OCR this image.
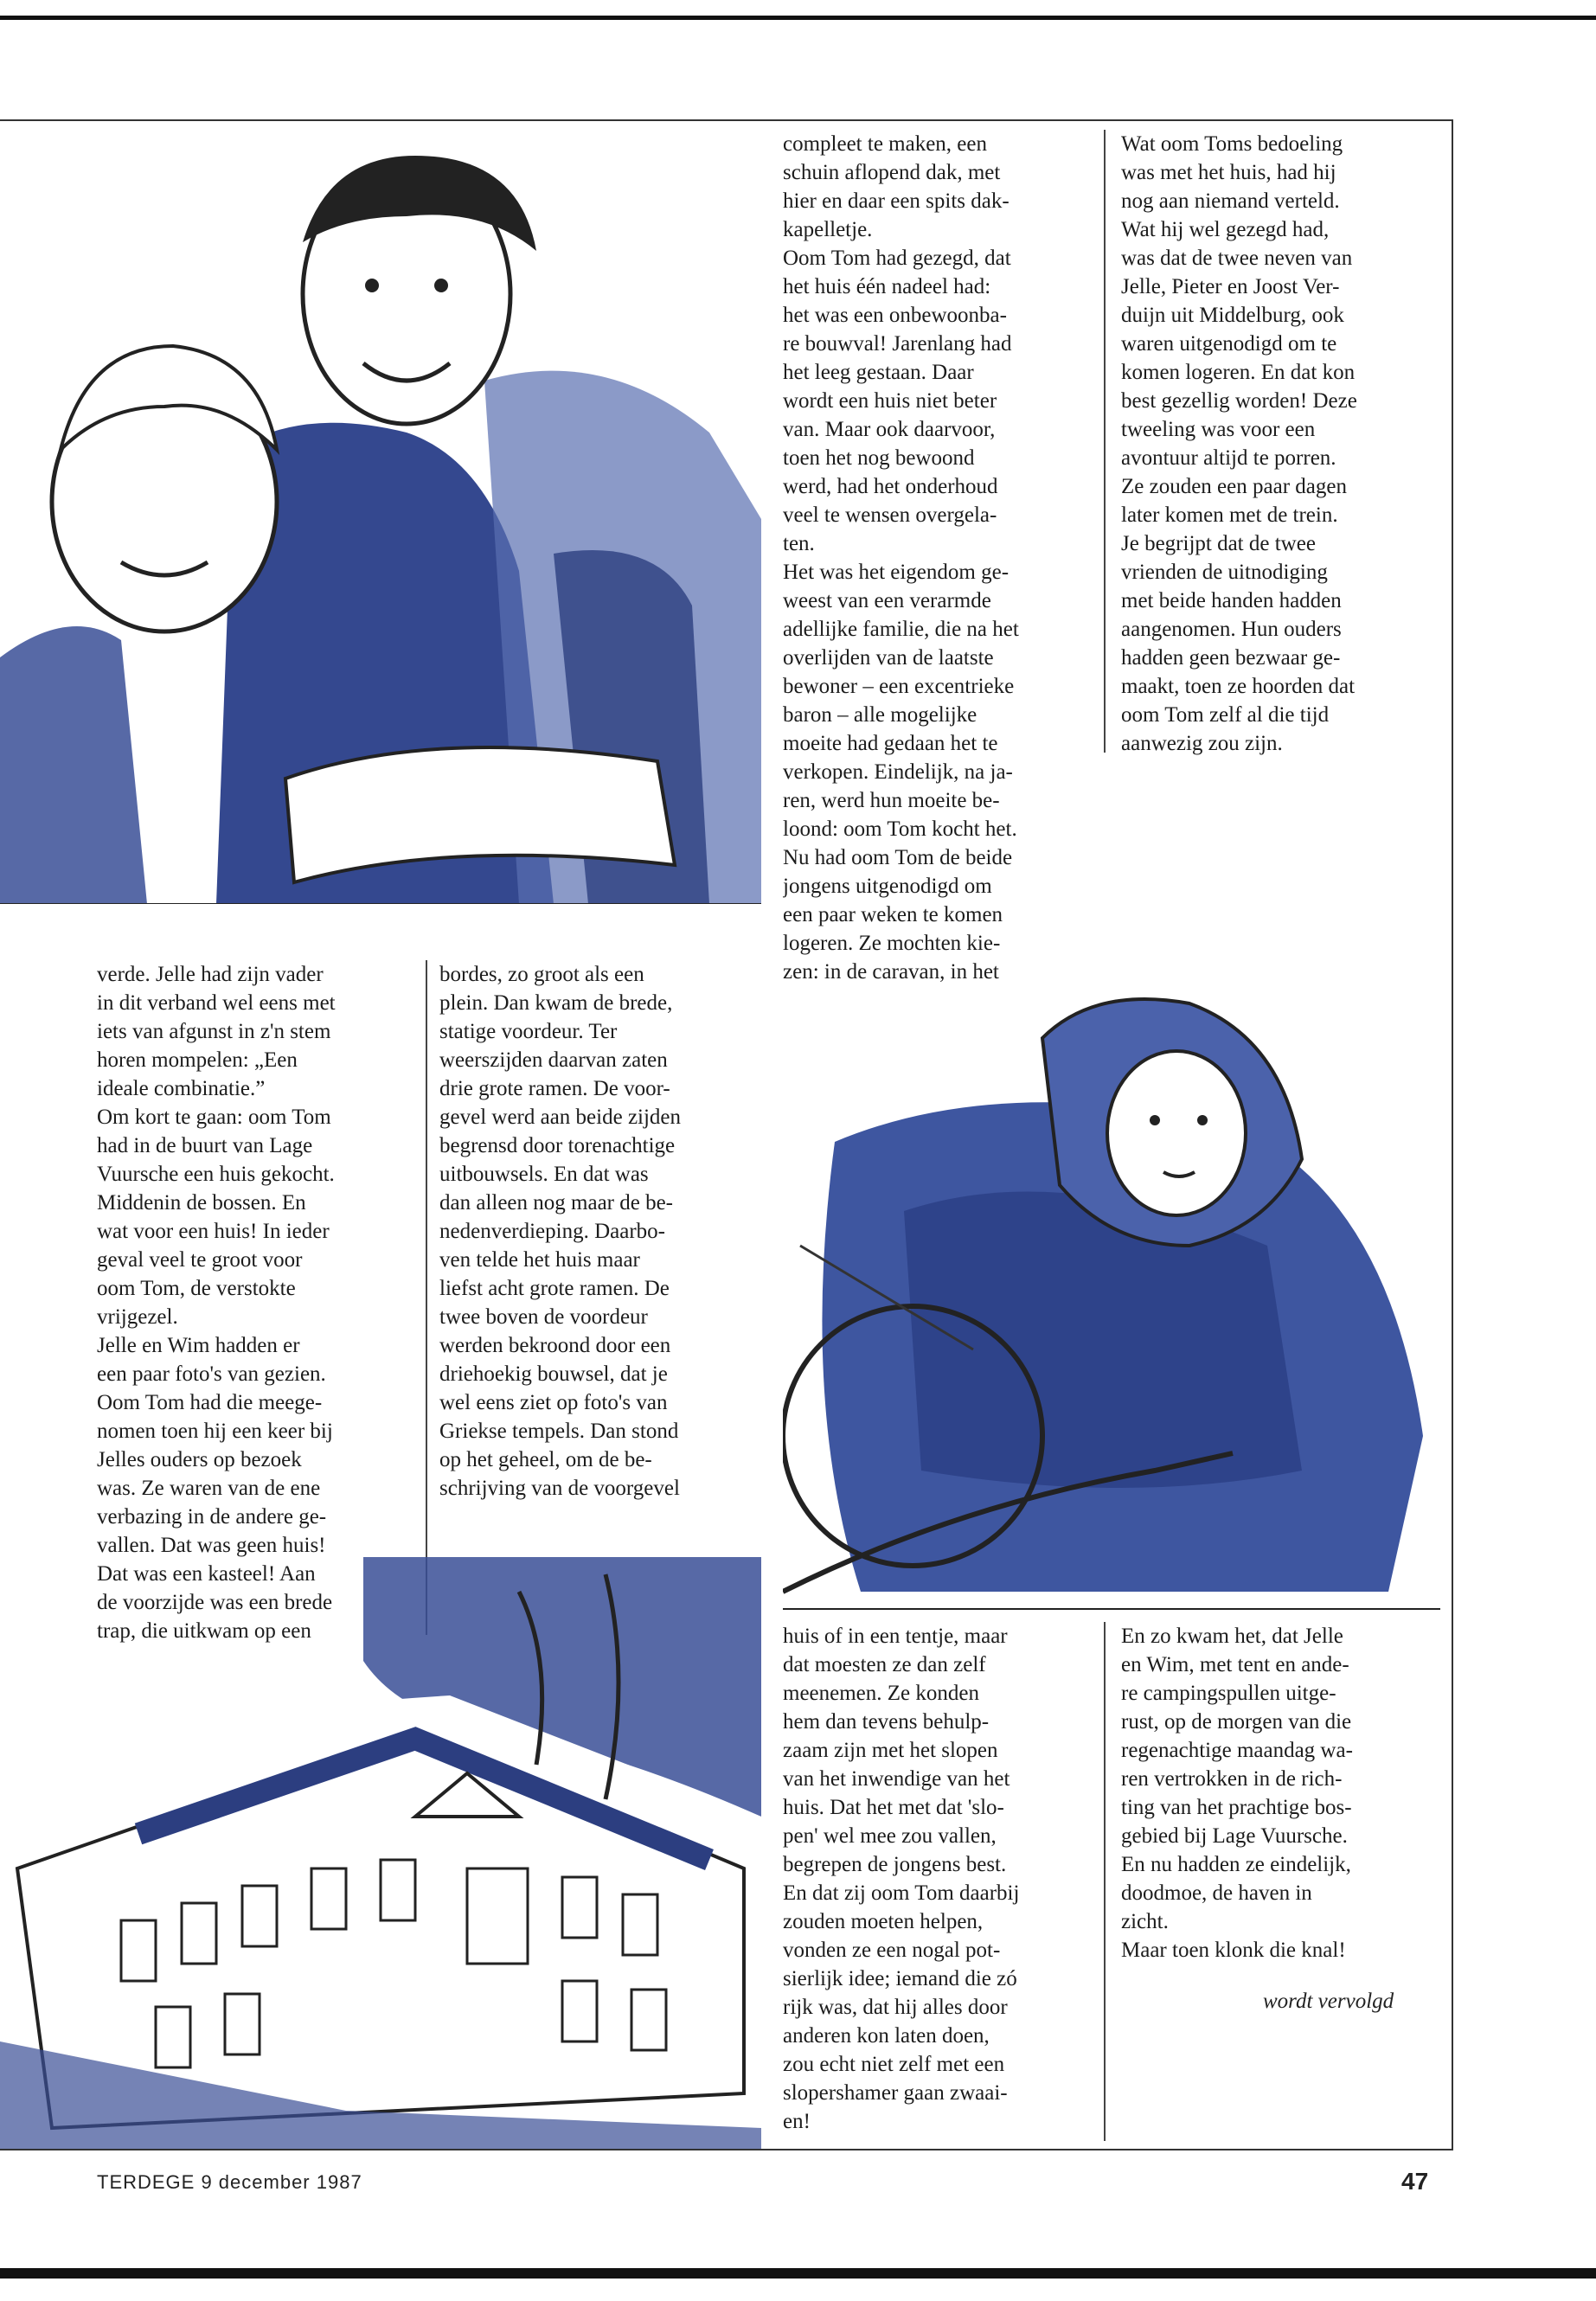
compleet te maken, een
schuin aflopend dak, met
hier en daar een spits dak-
kapelletje.
Oom Tom had gezegd, dat
het huis één nadeel had:
het was een onbewoonba-
re bouwval! Jarenlang had
het leeg gestaan. Daar
wordt een huis niet beter
van. Maar ook daarvoor,
toen het nog bewoond
werd, had het onderhoud
veel te wensen overgela-
ten.
Het was het eigendom ge-
weest van een verarmde
adellijke familie, die na het
overlijden van de laatste
bewoner – een excentrieke
baron – alle mogelijke
moeite had gedaan het te
verkopen. Eindelijk, na ja-
ren, werd hun moeite be-
loond: oom Tom kocht het.
Nu had oom Tom de beide
jongens uitgenodigd om
een paar weken te komen
logeren. Ze mochten kie-
zen: in de caravan, in het

Wat oom Toms bedoeling
was met het huis, had hij
nog aan niemand verteld.
Wat hij wel gezegd had,
was dat de twee neven van
Jelle, Pieter en Joost Ver-
duijn uit Middelburg, ook
waren uitgenodigd om te
komen logeren. En dat kon
best gezellig worden! Deze
tweeling was voor een
avontuur altijd te porren.
Ze zouden een paar dagen
later komen met de trein.
Je begrijpt dat de twee
vrienden de uitnodiging
met beide handen hadden
aangenomen. Hun ouders
hadden geen bezwaar ge-
maakt, toen ze hoorden dat
oom Tom zelf al die tijd
aanwezig zou zijn.

verde. Jelle had zijn vader
in dit verband wel eens met
iets van afgunst in z'n stem
horen mompelen: „Een
ideale combinatie.”
Om kort te gaan: oom Tom
had in de buurt van Lage
Vuursche een huis gekocht.
Middenin de bossen. En
wat voor een huis! In ieder
geval veel te groot voor
oom Tom, de verstokte
vrijgezel.
Jelle en Wim hadden er
een paar foto's van gezien.
Oom Tom had die meege-
nomen toen hij een keer bij
Jelles ouders op bezoek
was. Ze waren van de ene
verbazing in de andere ge-
vallen. Dat was geen huis!
Dat was een kasteel! Aan
de voorzijde was een brede
trap, die uitkwam op een

bordes, zo groot als een
plein. Dan kwam de brede,
statige voordeur. Ter
weerszijden daarvan zaten
drie grote ramen. De voor-
gevel werd aan beide zijden
begrensd door torenachtige
uitbouwsels. En dat was
dan alleen nog maar de be-
nedenverdieping. Daarbo-
ven telde het huis maar
liefst acht grote ramen. De
twee boven de voordeur
werden bekroond door een
driehoekig bouwsel, dat je
wel eens ziet op foto's van
Griekse tempels. Dan stond
op het geheel, om de be-
schrijving van de voorgevel

huis of in een tentje, maar
dat moesten ze dan zelf
meenemen. Ze konden
hem dan tevens behulp-
zaam zijn met het slopen
van het inwendige van het
huis. Dat het met dat 'slo-
pen' wel mee zou vallen,
begrepen de jongens best.
En dat zij oom Tom daarbij
zouden moeten helpen,
vonden ze een nogal pot-
sierlijk idee; iemand die zó
rijk was, dat hij alles door
anderen kon laten doen,
zou echt niet zelf met een
slopershamer gaan zwaai-
en!

En zo kwam het, dat Jelle
en Wim, met tent en ande-
re campingspullen uitge-
rust, op de morgen van die
regenachtige maandag wa-
ren vertrokken in de rich-
ting van het prachtige bos-
gebied bij Lage Vuursche.
En nu hadden ze eindelijk,
doodmoe, de haven in
zicht.
Maar toen klonk die knal!

wordt vervolgd
TERDEGE 9 december 1987	47
